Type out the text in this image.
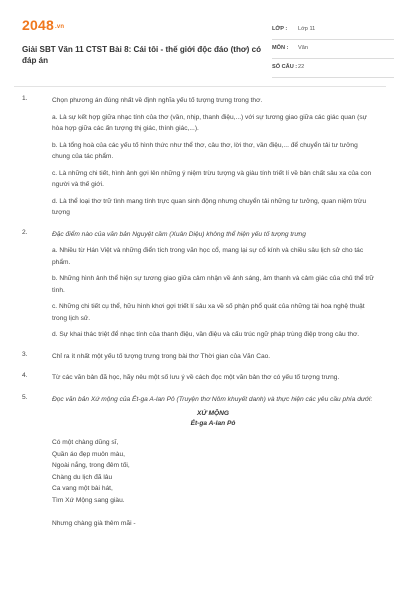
2048.vn
Giải SBT Văn 11 CTST Bài 8: Cái tôi - thế giới độc đáo (thơ) có đáp án
LỚP : Lớp 11
MÔN : Văn
SỐ CÂU : 22
1.	Chọn phương án đúng nhất về định nghĩa yếu tố tượng trưng trong thơ.
a. Là sự kết hợp giữa nhạc tính của thơ (vần, nhịp, thanh điệu,...) với sự tương giao giữa các giác quan (sự hòa hợp giữa các ấn tượng thị giác, thính giác,...).
b. Là tổng hoà của các yếu tố hình thức như thể thơ, câu thơ, lời thơ, vần điệu,... để chuyển tải tư tưởng chung của tác phẩm.
c. Là những chi tiết, hình ảnh gợi lên những ý niệm trừu tượng và giàu tính triết lí về bản chất sâu xa của con người và thế giới.
d. Là thể loại thơ trữ tình mang tính trực quan sinh động nhưng chuyển tải những tư tưởng, quan niệm trừu tượng
2.	Đặc điểm nào của văn bản Nguyệt cầm (Xuân Diệu) không thể hiện yếu tố tượng trưng
a. Nhiều từ Hán Việt và những điển tích trong văn học cổ, mang lại sự cổ kính và chiều sâu lịch sử cho tác phẩm.
b. Những hình ảnh thể hiện sự tương giao giữa cảm nhận về ánh sáng, âm thanh và cảm giác của chủ thể trữ tình.
c. Những chi tiết cụ thể, hữu hình khơi gợi triết lí sâu xa về số phận phổ quát của những tài hoa nghệ thuật trong lịch sử.
d. Sự khai thác triệt để nhạc tính của thanh điệu, vần điệu và cấu trúc ngữ pháp trùng điệp trong câu thơ.
3.	Chỉ ra ít nhất một yếu tố tượng trưng trong bài thơ Thời gian của Văn Cao.
4.	Từ các văn bản đã học, hãy nêu một số lưu ý về cách đọc một văn bản thơ có yếu tố tượng trưng.
5.	Đọc văn bản Xứ mộng của Ét-ga A-lan Pô (Truyện thơ Nôm khuyết danh) và thực hiện các yêu cầu phía dưới:
XỨ MỘNG
Ét-ga A-lan Pô
Có một chàng dũng sĩ,
Quần áo đẹp muôn màu,
Ngoài nắng, trong đêm tối,
Chàng du lịch đã lâu
Ca vang một bài hát,
Tìm Xứ Mộng sang giàu.
Nhưng chàng già thêm mãi -
